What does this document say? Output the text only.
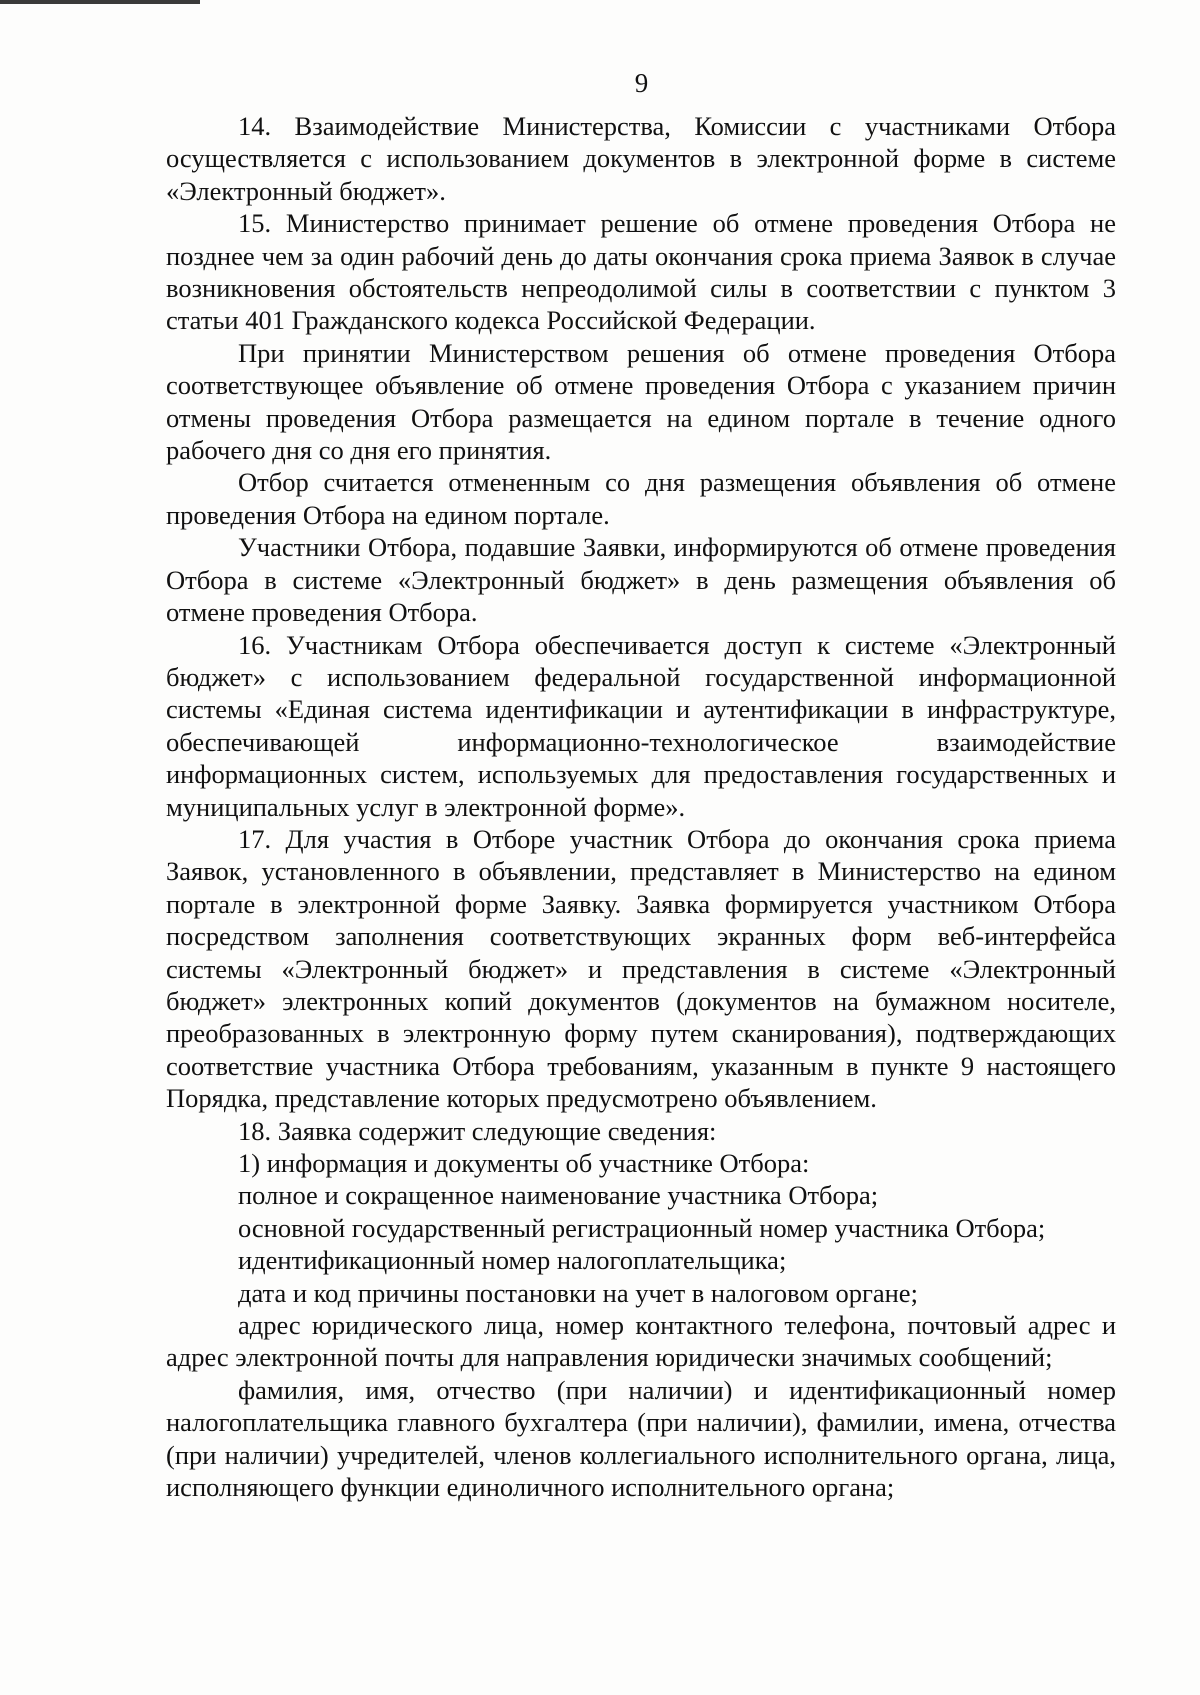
9

14. Взаимодействие Министерства, Комиссии с участниками Отбора осуществляется с использованием документов в электронной форме в системе «Электронный бюджет».

15. Министерство принимает решение об отмене проведения Отбора не позднее чем за один рабочий день до даты окончания срока приема Заявок в случае возникновения обстоятельств непреодолимой силы в соответствии с пунктом 3 статьи 401 Гражданского кодекса Российской Федерации.

При принятии Министерством решения об отмене проведения Отбора соответствующее объявление об отмене проведения Отбора с указанием причин отмены проведения Отбора размещается на едином портале в течение одного рабочего дня со дня его принятия.

Отбор считается отмененным со дня размещения объявления об отмене проведения Отбора на едином портале.

Участники Отбора, подавшие Заявки, информируются об отмене проведения Отбора в системе «Электронный бюджет» в день размещения объявления об отмене проведения Отбора.

16. Участникам Отбора обеспечивается доступ к системе «Электронный бюджет» с использованием федеральной государственной информационной системы «Единая система идентификации и аутентификации в инфраструктуре, обеспечивающей информационно-технологическое взаимодействие информационных систем, используемых для предоставления государственных и муниципальных услуг в электронной форме».

17. Для участия в Отборе участник Отбора до окончания срока приема Заявок, установленного в объявлении, представляет в Министерство на едином портале в электронной форме Заявку. Заявка формируется участником Отбора посредством заполнения соответствующих экранных форм веб-интерфейса системы «Электронный бюджет» и представления в системе «Электронный бюджет» электронных копий документов (документов на бумажном носителе, преобразованных в электронную форму путем сканирования), подтверждающих соответствие участника Отбора требованиям, указанным в пункте 9 настоящего Порядка, представление которых предусмотрено объявлением.

18. Заявка содержит следующие сведения:

1) информация и документы об участнике Отбора:

полное и сокращенное наименование участника Отбора;

основной государственный регистрационный номер участника Отбора;

идентификационный номер налогоплательщика;

дата и код причины постановки на учет в налоговом органе;

адрес юридического лица, номер контактного телефона, почтовый адрес и адрес электронной почты для направления юридически значимых сообщений;

фамилия, имя, отчество (при наличии) и идентификационный номер налогоплательщика главного бухгалтера (при наличии), фамилии, имена, отчества (при наличии) учредителей, членов коллегиального исполнительного органа, лица, исполняющего функции единоличного исполнительного органа;
